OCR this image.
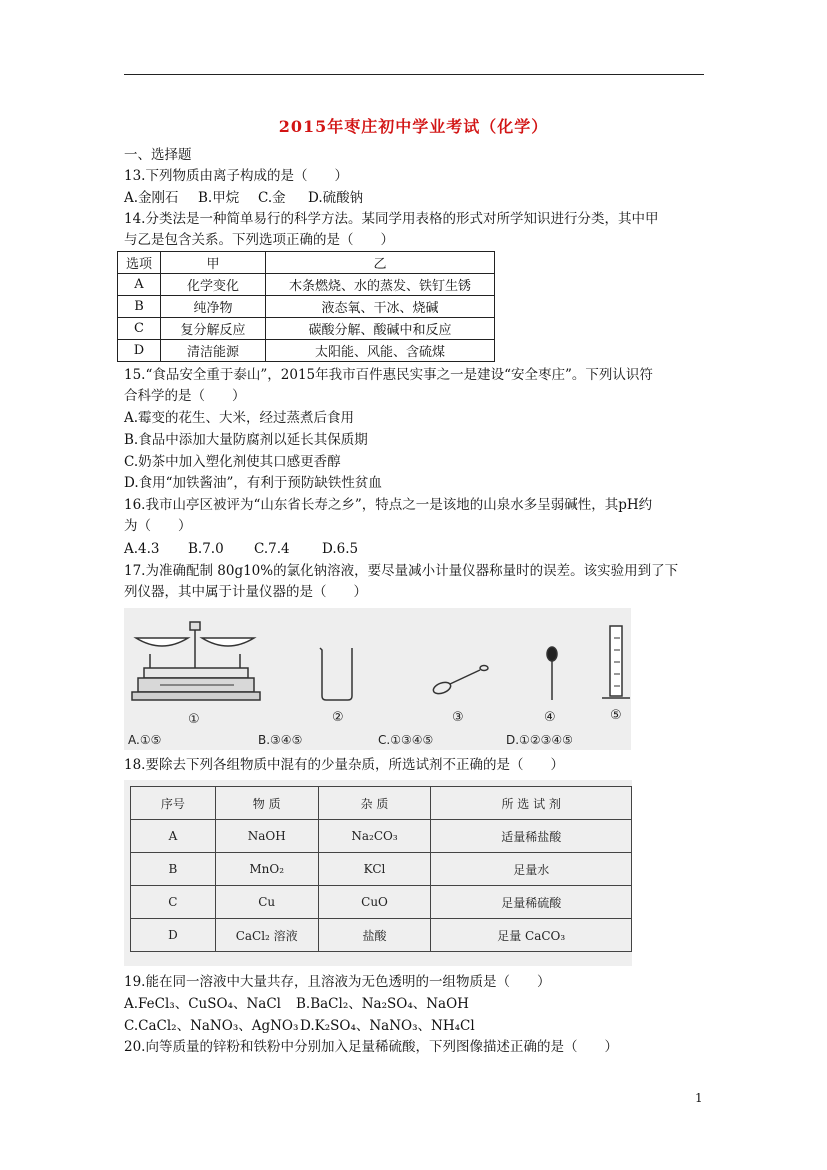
2015年枣庄初中学业考试（化学）
一、选择题
13.下列物质由离子构成的是（　　）
A.金刚石 B.甲烷 C.金 D.硫酸钠
14.分类法是一种简单易行的科学方法。某同学用表格的形式对所学知识进行分类，其中甲
与乙是包含关系。下列选项正确的是（　　）
选项	甲	乙
A	化学变化	木条燃烧、水的蒸发、铁钉生锈
B	纯净物	液态氧、干冰、烧碱
C	复分解反应	碳酸分解、酸碱中和反应
D	清洁能源	太阳能、风能、含硫煤
15.“食品安全重于泰山”，2015年我市百件惠民实事之一是建设“安全枣庄”。下列认识符
合科学的是（　　）
A.霉变的花生、大米，经过蒸煮后食用
B.食品中添加大量防腐剂以延长其保质期
C.奶茶中加入塑化剂使其口感更香醇
D.食用“加铁酱油”，有利于预防缺铁性贫血
16.我市山亭区被评为“山东省长寿之乡”，特点之一是该地的山泉水多呈弱碱性，其pH约
为（　　）
A.4.3 B.7.0 C.7.4 D.6.5
17.为准确配制 80g10%的氯化钠溶液，要尽量减小计量仪器称量时的误差。该实验用到了下
列仪器，其中属于计量仪器的是（　　）
①	②	③	④	⑤
A.①⑤	B.③④⑤	C.①③④⑤	D.①②③④⑤
18.要除去下列各组物质中混有的少量杂质，所选试剂不正确的是（　　）
序号	物 质	杂 质	所 选 试 剂
A	NaOH	Na₂CO₃	适量稀盐酸
B	MnO₂	KCl	足量水
C	Cu	CuO	足量稀硫酸
D	CaCl₂ 溶液	盐酸	足量 CaCO₃
19.能在同一溶液中大量共存，且溶液为无色透明的一组物质是（　　）
A.FeCl₃、CuSO₄、NaCl B.BaCl₂、Na₂SO₄、NaOH
C.CaCl₂、NaNO₃、AgNO₃ D.K₂SO₄、NaNO₃、NH₄Cl
20.向等质量的锌粉和铁粉中分别加入足量稀硫酸，下列图像描述正确的是（　　）
1
